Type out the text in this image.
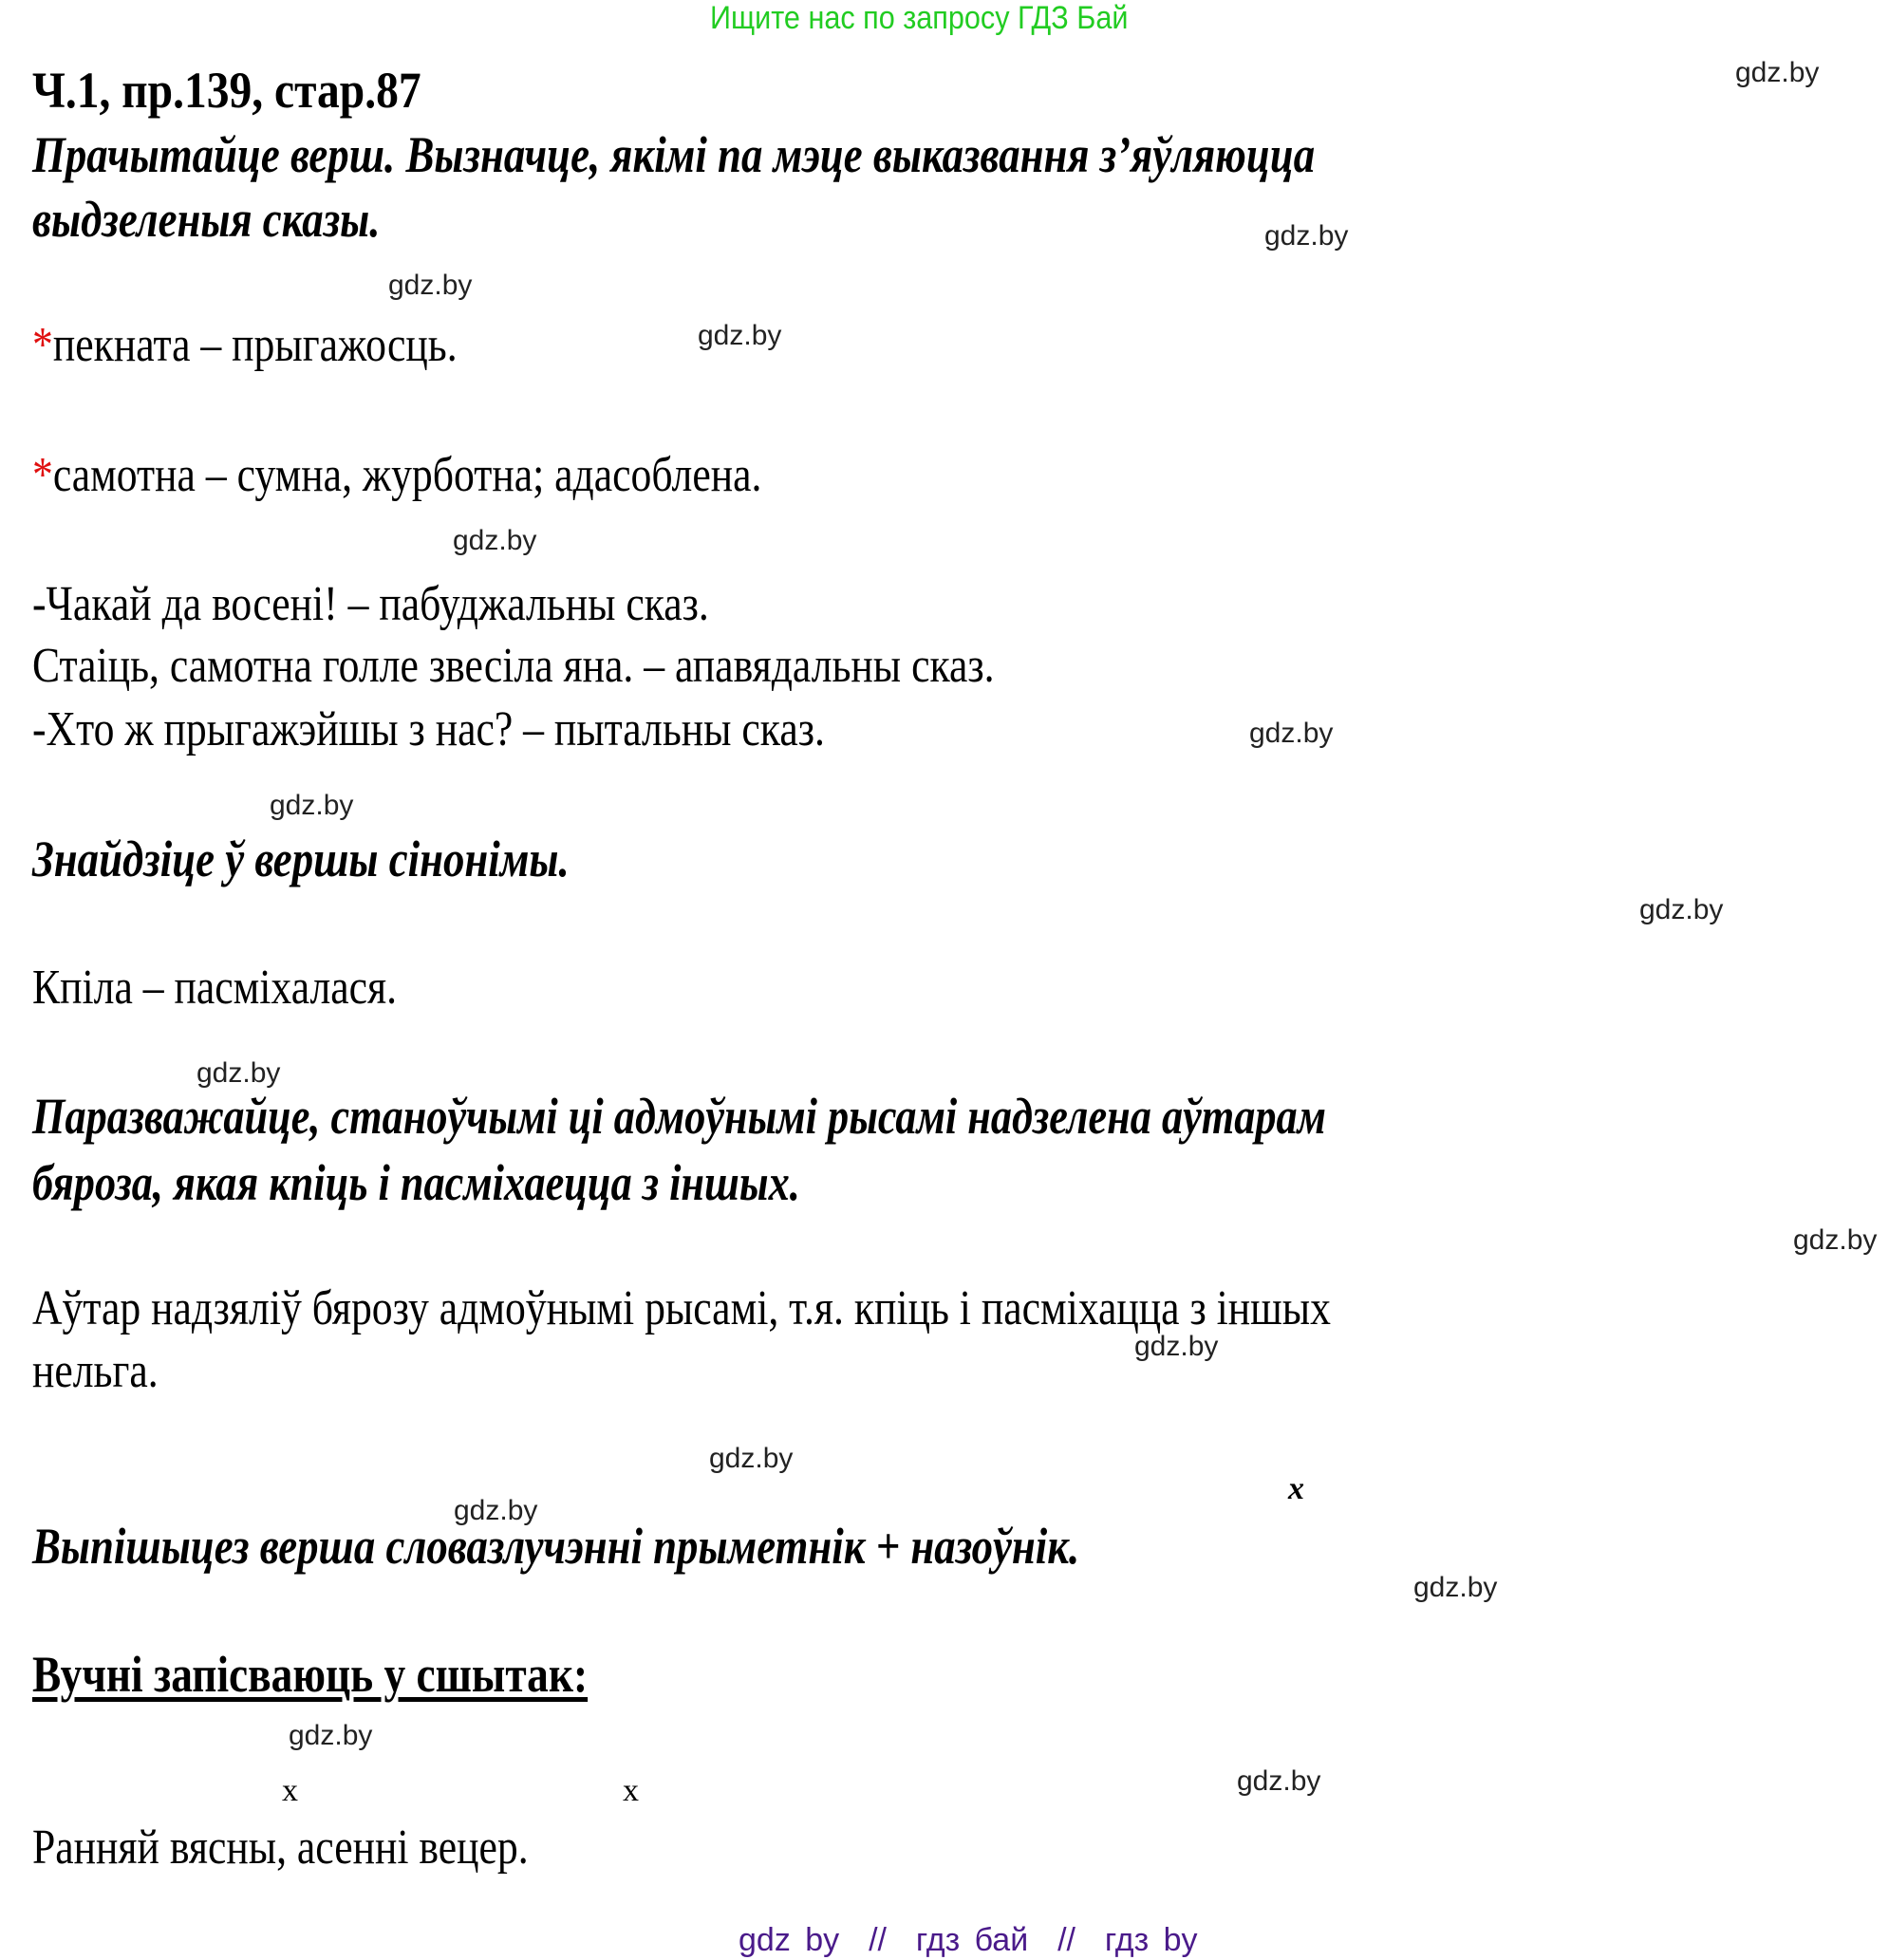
Ищите нас по запросу ГДЗ Бай
Ч.1, пр.139, стар.87
Прачытайце верш. Вызначце, якімі па мэце выказвання з’яўляюцца
выдзеленыя сказы.
*пекната – прыгажосць.
*самотна – сумна, журботна; адасоблена.
-Чакай да восені! – пабуджальны сказ.
Стаіць, самотна голле звесіла яна. – апавядальны сказ.
-Хто ж прыгажэйшы з нас? – пытальны сказ.
Знайдзіце ў вершы сінонімы.
Кпіла – пасміхалася.
Паразважайце, станоўчымі ці адмоўнымі рысамі надзелена аўтарам
бяроза, якая кпіць і пасміхаецца з іншых.
Аўтар надзяліў бярозу адмоўнымі рысамі, т.я. кпіць і пасміхацца з іншых
нельга.
x
Выпішыцез верша словазлучэнні прыметнік + назоўнік.
Вучні запісваюць у сшытак:
x	x
Ранняй вясны, асенні вецер.
gdz.by
gdz.by
gdz.by
gdz.by
gdz.by
gdz.by
gdz.by
gdz.by
gdz.by
gdz.by
gdz.by
gdz.by
gdz.by
gdz.by
gdz.by
gdz.by
gdz by  //  гдз бай  //  гдз by
